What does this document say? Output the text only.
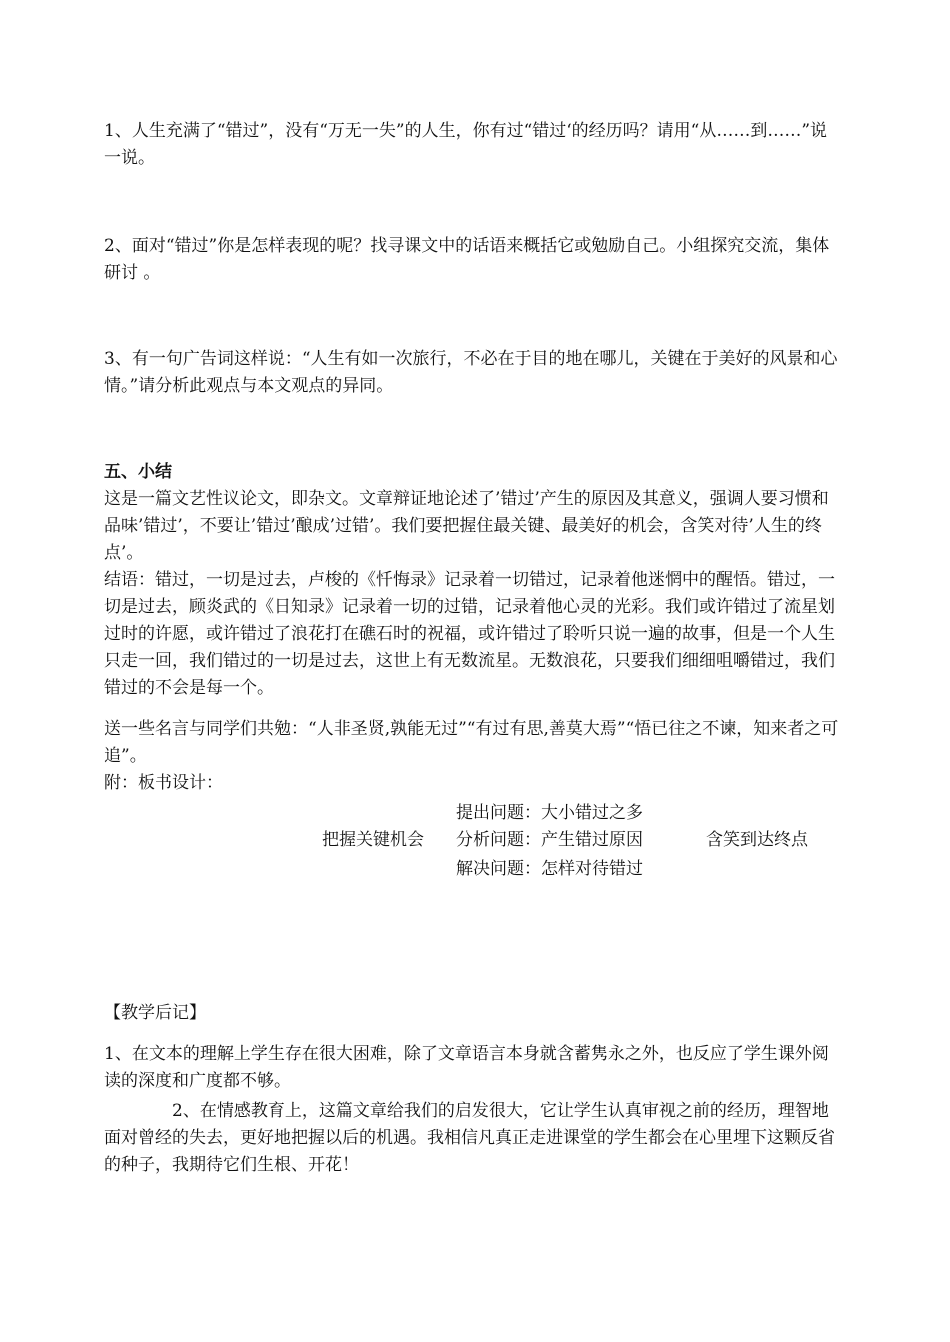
1、人生充满了“错过”，没有“万无一失”的人生，你有过“错过‘的经历吗？请用“从……到……”说一说。

2、面对“错过”你是怎样表现的呢？找寻课文中的话语来概括它或勉励自己。小组探究交流，集体研讨 。

3、有一句广告词这样说：“人生有如一次旅行，不必在于目的地在哪儿，关键在于美好的风景和心情。”请分析此观点与本文观点的异同。

五、小结

这是一篇文艺性议论文，即杂文。文章辩证地论述了’错过’产生的原因及其意义，强调人要习惯和品味’错过’，不要让’错过’酿成’过错’。我们要把握住最关键、最美好的机会，含笑对待’人生的终点’。

结语：错过，一切是过去，卢梭的《忏悔录》记录着一切错过，记录着他迷惘中的醒悟。错过，一切是过去，顾炎武的《日知录》记录着一切的过错，记录着他心灵的光彩。我们或许错过了流星划过时的许愿，或许错过了浪花打在礁石时的祝福，或许错过了聆听只说一遍的故事，但是一个人生只走一回，我们错过的一切是过去，这世上有无数流星。无数浪花，只要我们细细咀嚼错过，我们错过的不会是每一个。

送一些名言与同学们共勉：“人非圣贤,孰能无过”“有过有思,善莫大焉”“悟已往之不谏，知来者之可追”。

附：板书设计：

把握关键机会
提出问题：大小错过之多
分析问题：产生错过原因
解决问题：怎样对待错过
含笑到达终点

【教学后记】

1、在文本的理解上学生存在很大困难，除了文章语言本身就含蓄隽永之外，也反应了学生课外阅读的深度和广度都不够。

2、在情感教育上，这篇文章给我们的启发很大，它让学生认真审视之前的经历，理智地面对曾经的失去，更好地把握以后的机遇。我相信凡真正走进课堂的学生都会在心里埋下这颗反省的种子，我期待它们生根、开花！
